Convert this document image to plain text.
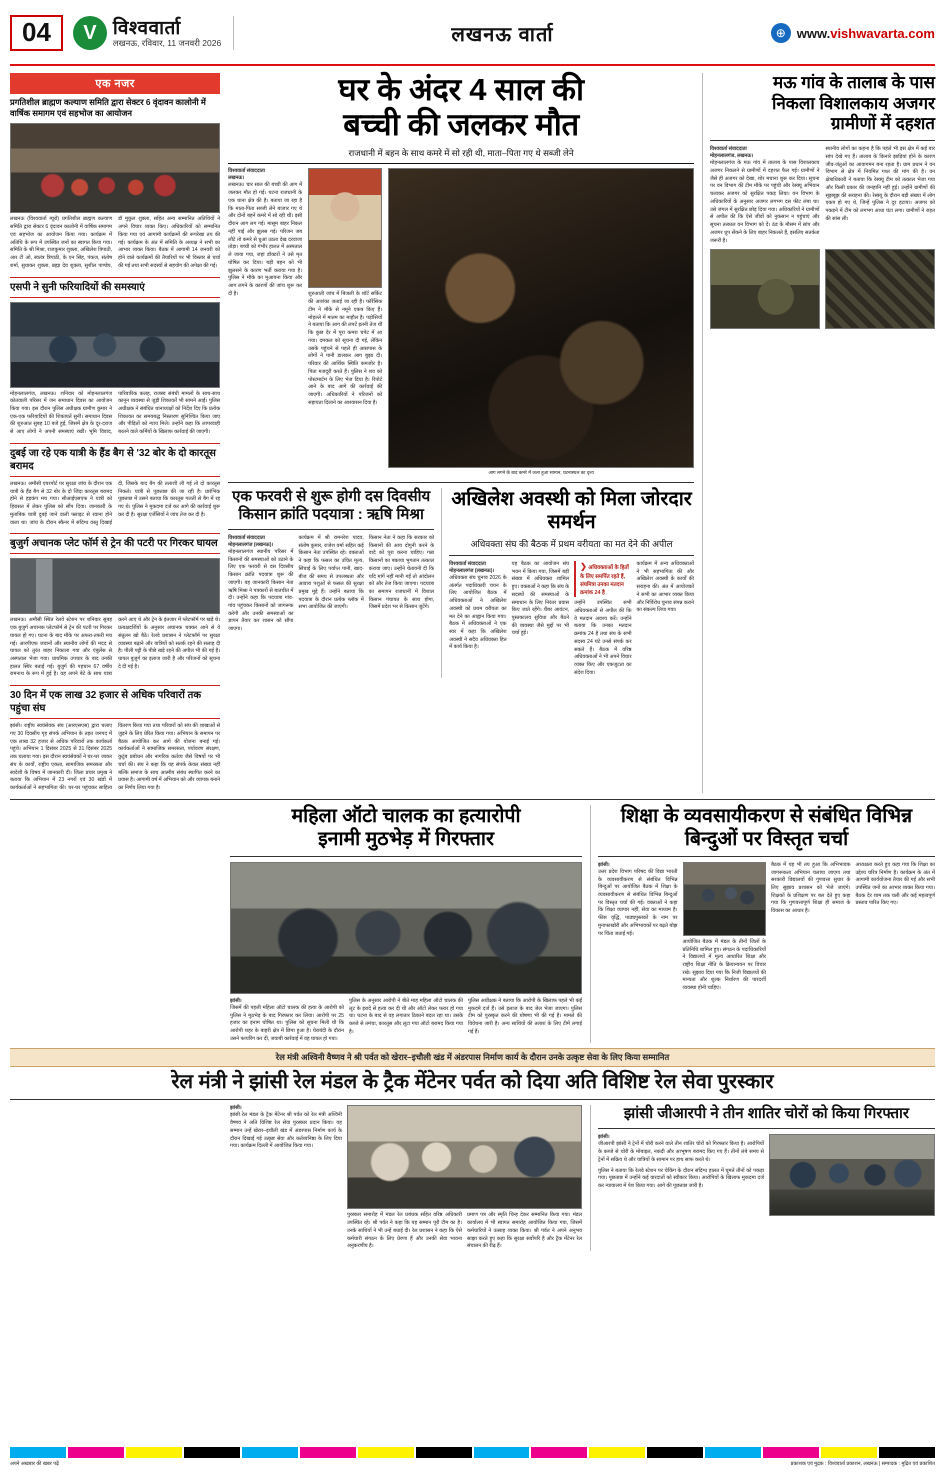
04	V विश्ववार्ता
लखनऊ, रविवार, 11 जनवरी 2026	लखनऊ वार्ता	⊕ www.vishwavarta.com
एक नजर
प्रगतिशील ब्राह्मण कल्याण समिति द्वारा सेक्टर 6 वृंदावन कालोनी में वार्षिक समागम एवं सहभोज का आयोजन
लखनऊ (विश्ववार्ता ब्यूरो) प्रगतिशील ब्राह्मण कल्याण समिति द्वारा सेक्टर 6 वृंदावन कालोनी में वार्षिक समागम एवं सहभोज का आयोजन किया गया। कार्यक्रम में अतिथि के रूप में उपस्थित जनों का स्वागत किया गया। समिति के श्री मिश्रा, राजकुमार शुक्ला, अखिलेश त्रिपाठी, आर टी ओ, स्वतंत्र त्रिपाठी, के एन सिंह, पंकज, संतोष शर्मा, सुधाकर शुक्ला, ब्रह्मा देव शुक्ला, सुशील पाण्डेय, डॉ मुकुल शुक्ला, सहित अन्य सम्मानित अतिथियों ने अपने विचार व्यक्त किए। अधिकारियों को सम्मानित किया गया एवं आगामी कार्यक्रमों की रूपरेखा तय की गई। कार्यक्रम के अंत में समिति के अध्यक्ष ने सभी का आभार व्यक्त किया। बैठक में आगामी 14 जनवरी को होने वाले कार्यक्रमों की तैयारियों पर भी विस्तार से चर्चा की गई तथा सभी सदस्यों से सहयोग की अपेक्षा की गई।
एसपी ने सुनी फरियादियों की समस्याएं
मोहनलालगंज, लखनऊ। शनिवार को मोहनलालगंज कोतवाली परिसर में जन समाधान दिवस का आयोजन किया गया। इस दौरान पुलिस अधीक्षक ग्रामीण कुमार ने एक-एक फरियादियों की शिकायतें सुनीं। समाधान दिवस की शुरुआत सुबह 10 बजे हुई, जिसमें क्षेत्र के दूर-दराज से आए लोगों ने अपनी समस्याएं रखीं। भूमि विवाद, पारिवारिक कलह, राजस्व संबंधी मामलों के साथ-साथ कानून व्यवस्था से जुड़ी शिकायतें भी सामने आईं। पुलिस अधीक्षक ने संबंधित थानाध्यक्षों को निर्देश दिए कि प्रत्येक शिकायत का समयबद्ध निस्तारण सुनिश्चित किया जाए और पीड़ितों को न्याय मिले। उन्होंने कहा कि लापरवाही बरतने वाले कर्मियों के खिलाफ कार्रवाई की जाएगी।
दुबई जा रहे एक यात्री के हैंड बैग से '32 बोर के दो कारतूस बरामद
लखनऊ। अमौसी एयरपोर्ट पर सुरक्षा जांच के दौरान एक यात्री के हैंड बैग से 32 बोर के दो जिंदा कारतूस बरामद होने से हड़कंप मच गया। सीआईएसएफ ने यात्री को हिरासत में लेकर पुलिस को सौंप दिया। जानकारी के मुताबिक यात्री दुबई जाने वाली फ्लाइट से रवाना होने वाला था। जांच के दौरान स्कैनर में संदिग्ध वस्तु दिखाई दी, जिसके बाद बैग की तलाशी ली गई तो दो कारतूस निकले। यात्री से पूछताछ की जा रही है। प्रारंभिक पूछताछ में उसने बताया कि कारतूस गलती से बैग में रह गए थे। पुलिस ने मुकदमा दर्ज कर आगे की कार्रवाई शुरू कर दी है। सुरक्षा एजेंसियों ने जांच तेज कर दी है।
बुजुर्ग अचानक प्लेट फॉर्म से ट्रेन की पटरी पर गिरकर घायल
लखनऊ। अमौसी स्थित रेलवे स्टेशन पर शनिवार सुबह एक बुजुर्ग अचानक प्लेटफॉर्म से ट्रेन की पटरी पर गिरकर घायल हो गए। घटना के बाद मौके पर अफरा-तफरी मच गई। आरपीएफ जवानों और स्थानीय लोगों की मदद से घायल को तुरंत बाहर निकाला गया और एंबुलेंस से अस्पताल भेजा गया। प्राथमिक उपचार के बाद उनकी हालत स्थिर बताई गई। बुजुर्ग की पहचान 67 वर्षीय रामनाथ के रूप में हुई है। वह अपने बेटे के साथ यात्रा करने आए थे और ट्रेन के इंतजार में प्लेटफॉर्म पर खड़े थे। प्रत्यक्षदर्शियों के अनुसार अचानक चक्कर आने से वे संतुलन खो बैठे। रेलवे प्रशासन ने प्लेटफॉर्म पर सुरक्षा व्यवस्था बढ़ाने और यात्रियों को सतर्क रहने की सलाह दी है। पीली पट्टी के पीछे खड़े रहने की अपील भी की गई है। घायल बुजुर्ग का इलाज जारी है और परिजनों को सूचना दे दी गई है।
30 दिन में एक लाख 32 हजार से अधिक परिवारों तक पहुंचा संघ
झांसी। राष्ट्रीय स्वयंसेवक संघ (आरएसएस) द्वारा चलाए गए 30 दिवसीय गृह संपर्क अभियान के तहत जनपद में एक लाख 32 हजार से अधिक परिवारों तक कार्यकर्ता पहुंचे। अभियान 1 दिसंबर 2025 से 31 दिसंबर 2025 तक चलाया गया। इस दौरान स्वयंसेवकों ने घर-घर जाकर संघ के कार्यों, राष्ट्रीय एकता, सामाजिक समरसता और स्वदेशी के विषय में जानकारी दी। जिला प्रचार प्रमुख ने बताया कि अभियान में 23 नगरों एवं 30 खंडों में कार्यकर्ताओं ने सहभागिता की। घर-घर पहुंचकर साहित्य वितरण किया गया तथा परिवारों को संघ की शाखाओं से जुड़ने के लिए प्रेरित किया गया। अभियान के समापन पर बैठक आयोजित कर आगे की योजना बनाई गई। कार्यकर्ताओं ने सामाजिक समरसता, पर्यावरण संरक्षण, कुटुंब प्रबोधन और नागरिक कर्तव्य जैसे विषयों पर भी चर्चा की। संघ ने कहा कि यह संपर्क केवल संख्या नहीं बल्कि समाज के साथ आत्मीय संबंध स्थापित करने का प्रयास है। आगामी वर्ष में अभियान को और व्यापक बनाने का निर्णय लिया गया है।
घर के अंदर 4 साल की
बच्ची की जलकर मौत
राजधानी में बहन के साथ कमरे में सो रही थी, माता–पिता गए थे सब्जी लेने
विश्ववार्ता संवाददाता
लखनऊ।
लखनऊ। चार साल की बच्ची की आग में जलकर मौत हो गई। घटना राजधानी के एक थाना क्षेत्र की है। बताया जा रहा है कि माता-पिता सब्जी लेने बाजार गए थे और दोनों बहनें कमरे में सो रही थीं। इसी दौरान आग लग गई। मासूम बाहर निकल नहीं पाई और झुलस गई। परिजन जब लौटे तो कमरे से धुआं उठता देख दरवाजा तोड़ा। बच्ची को गंभीर हालत में अस्पताल ले जाया गया, जहां डॉक्टरों ने उसे मृत घोषित कर दिया। बड़ी बहन को भी झुलसने के कारण भर्ती कराया गया है। पुलिस ने मौके का मुआयना किया और आग लगने के कारणों की जांच शुरू कर दी है।	शुरुआती जांच में बिजली के शॉर्ट सर्किट की आशंका जताई जा रही है। फॉरेंसिक टीम ने मौके से नमूने एकत्र किए हैं। मोहल्ले में मातम का माहौल है। पड़ोसियों ने बताया कि आग की लपटें इतनी तेज थीं कि कुछ देर में पूरा कमरा चपेट में आ गया। दमकल को सूचना दी गई, लेकिन उसके पहुंचने से पहले ही आसपास के लोगों ने पानी डालकर आग बुझा दी। परिवार की आर्थिक स्थिति कमजोर है। पिता मजदूरी करते हैं। पुलिस ने शव को पोस्टमार्टम के लिए भेज दिया है। रिपोर्ट आने के बाद आगे की कार्रवाई की जाएगी। अधिकारियों ने परिजनों को सहायता दिलाने का आश्वासन दिया है।
आग लगने के बाद कमरे में जला हुआ सामान, घटनास्थल का दृश्य
एक फरवरी से शुरू होगी दस दिवसीय
किसान क्रांति पदयात्रा : ऋषि मिश्रा
विश्ववार्ता संवाददाता
मोहनलालगंज (लखनऊ)।
मोहनलालगंज स्थानीय परिसर में किसानों की समस्याओं को उठाने के लिए एक फरवरी से दस दिवसीय किसान क्रांति पदयात्रा शुरू की जाएगी। यह जानकारी किसान नेता ऋषि मिश्रा ने पत्रकारों से बातचीत में दी। उन्होंने कहा कि पदयात्रा गांव-गांव पहुंचकर किसानों को जागरूक करेगी और उनकी समस्याओं का ज्ञापन तैयार कर शासन को सौंपा जाएगा।
कार्यक्रम में श्री रामनरेश यादव, संतोष कुमार, राजेश वर्मा सहित कई किसान नेता उपस्थित रहे। वक्ताओं ने कहा कि फसल का उचित मूल्य, सिंचाई के लिए पर्याप्त पानी, खाद-बीज की समय से उपलब्धता और आवारा पशुओं से फसल की सुरक्षा प्रमुख मुद्दे हैं। उन्होंने बताया कि पदयात्रा के दौरान प्रत्येक ब्लॉक में सभा आयोजित की जाएगी।
किसान नेता ने कहा कि सरकार को किसानों की आय दोगुनी करने के वादे को पूरा करना चाहिए। गन्ना किसानों का बकाया भुगतान तत्काल कराया जाए। उन्होंने चेतावनी दी कि यदि मांगें नहीं मानी गईं तो आंदोलन को और तेज किया जाएगा। पदयात्रा का समापन राजधानी में विशाल किसान पंचायत के साथ होगा, जिसमें प्रदेश भर से किसान जुटेंगे।
अखिलेश अवस्थी को मिला जोरदार समर्थन
अधिवक्ता संघ की बैठक में प्रथम वरीयता का मत देने की अपील
विश्ववार्ता संवाददाता
मोहनलालगंज (लखनऊ)।
अधिवक्ता संघ चुनाव 2026 के अंतर्गत पदाधिकारी चयन के लिए आयोजित बैठक में अधिवक्ताओं ने अखिलेश अवस्थी को प्रथम वरीयता का मत देने का आह्वान किया गया। बैठक में अधिवक्ताओं ने एक स्वर में कहा कि अखिलेश अवस्थी ने सदैव अधिवक्ता हित में कार्य किया है।
यह बैठक का आयोजन संघ भवन में किया गया, जिसमें बड़ी संख्या में अधिवक्ता शामिल हुए। वक्ताओं ने कहा कि संघ के सदस्यों की समस्याओं के समाधान के लिए निरंतर प्रयास किए जाते रहेंगे। चैंबर आवंटन, पुस्तकालय सुविधा और बैठने की व्यवस्था जैसे मुद्दों पर भी चर्चा हुई।
❯ अधिवक्ताओं के हितों के लिए समर्पित रहते हैं, संघमित्रा उनका मतदान क्रमांक 24 है
उन्होंने उपस्थित सभी अधिवक्ताओं से अपील की कि वे मतदान अवश्य करें। उन्होंने बताया कि उनका मतदान क्रमांक 24 है तथा संघ के सभी सदस्य 24 घंटे उनसे संपर्क कर सकते हैं। बैठक में वरिष्ठ अधिवक्ताओं ने भी अपने विचार व्यक्त किए और एकजुटता का संदेश दिया।
कार्यक्रम में अन्य अधिवक्ताओं ने भी सहभागिता की और अखिलेश अवस्थी के कार्यों की सराहना की। अंत में आयोजकों ने सभी का आभार व्यक्त किया और निर्विरोध चुनाव संपन्न कराने का संकल्प लिया गया।
मऊ गांव के तालाब के पास
निकला विशालकाय अजगर
ग्रामीणों में दहशत
विश्ववार्ता संवाददाता
मोहनलालगंज, लखनऊ।
मोहनलालगंज के मऊ गांव में तालाब के पास विशालकाय अजगर निकलने से ग्रामीणों में दहशत फैल गई। ग्रामीणों ने जैसे ही अजगर को देखा, शोर मचाना शुरू कर दिया। सूचना पर वन विभाग की टीम मौके पर पहुंची और रेस्क्यू अभियान चलाकर अजगर को सुरक्षित पकड़ लिया। वन विभाग के अधिकारियों के अनुसार अजगर लगभग दस फीट लंबा था। उसे जंगल में सुरक्षित छोड़ दिया गया। अधिकारियों ने ग्रामीणों से अपील की कि ऐसे जीवों को नुकसान न पहुंचाएं और सूचना तत्काल वन विभाग को दें। ठंड के मौसम में सांप और अजगर धूप सेंकने के लिए बाहर निकलते हैं, इसलिए सतर्कता जरूरी है।
स्थानीय लोगों का कहना है कि पहले भी इस क्षेत्र में कई बार सांप देखे गए हैं। तालाब के किनारे झाड़ियां होने के कारण जीव-जंतुओं का आवागमन बना रहता है। ग्राम प्रधान ने वन विभाग से क्षेत्र में नियमित गश्त की मांग की है। वन क्षेत्राधिकारी ने बताया कि रेस्क्यू टीम को तत्काल भेजा गया और किसी प्रकार की जनहानि नहीं हुई। उन्होंने ग्रामीणों की सूझबूझ की सराहना की। रेस्क्यू के दौरान बड़ी संख्या में लोग एकत्र हो गए थे, जिन्हें पुलिस ने दूर हटाया। अजगर को पकड़ने में टीम को लगभग आधा घंटा लगा। ग्रामीणों ने राहत की सांस ली।
महिला ऑटो चालक का हत्यारोपी
इनामी मुठभेड़ में गिरफ्तार
झांसी।
जिसमें की पहली महिला ऑटो चालक की हत्या के आरोपी को पुलिस ने मुठभेड़ के बाद गिरफ्तार कर लिया। आरोपी पर 25 हजार का इनाम घोषित था। पुलिस को सूचना मिली थी कि आरोपी शहर के बाहरी क्षेत्र में छिपा हुआ है। घेराबंदी के दौरान उसने फायरिंग कर दी, जवाबी कार्रवाई में वह घायल हो गया।
पुलिस के अनुसार आरोपी ने बीते माह महिला ऑटो चालक की लूट के इरादे से हत्या कर दी थी और ऑटो लेकर फरार हो गया था। घटना के बाद से वह लगातार ठिकाने बदल रहा था। उसके कब्जे से तमंचा, कारतूस और लूटा गया ऑटो बरामद किया गया है।
पुलिस अधीक्षक ने बताया कि आरोपी के खिलाफ पहले भी कई मुकदमे दर्ज हैं। उसे इलाज के बाद जेल भेजा जाएगा। पुलिस टीम को पुरस्कृत करने की घोषणा भी की गई है। मामले की विवेचना जारी है। अन्य साथियों की तलाश के लिए टीमें लगाई गई हैं।
शिक्षा के व्यवसायीकरण से संबंधित विभिन्न
बिन्दुओं पर विस्तृत चर्चा
झांसी।
उत्तर प्रदेश विभाग परिषद की विद्या भारती के व्यवसायीकरण से संबंधित विभिन्न बिन्दुओं पर आयोजित बैठक में शिक्षा के व्यवसायीकरण से संबंधित विभिन्न बिन्दुओं पर विस्तृत चर्चा की गई। वक्ताओं ने कहा कि शिक्षा व्यापार नहीं, सेवा का माध्यम है। फीस वृद्धि, पाठ्यपुस्तकों के नाम पर मुनाफाखोरी और अभिभावकों पर बढ़ते बोझ पर चिंता जताई गई।
आयोजित बैठक में मंडल के तीनों जिलों के प्रतिनिधि शामिल हुए। संगठन के पदाधिकारियों ने विद्यालयों में मूल्य आधारित शिक्षा और राष्ट्रीय शिक्षा नीति के क्रियान्वयन पर विचार रखे। सुझाव दिया गया कि निजी विद्यालयों की मान्यता और शुल्क निर्धारण की पारदर्शी व्यवस्था होनी चाहिए।
बैठक में यह भी तय हुआ कि अभिभावक जागरूकता अभियान चलाया जाएगा तथा सरकारी विद्यालयों की गुणवत्ता सुधार के लिए सुझाव प्रशासन को भेजे जाएंगे। शिक्षकों के प्रशिक्षण पर बल देते हुए कहा गया कि गुणवत्तापूर्ण शिक्षा ही समाज के विकास का आधार है।
अध्यक्षता करते हुए कहा गया कि शिक्षा का उद्देश्य चरित्र निर्माण है। कार्यक्रम के अंत में आगामी कार्ययोजना तैयार की गई और सभी उपस्थित जनों का आभार व्यक्त किया गया। बैठक देर शाम तक चली और कई महत्वपूर्ण प्रस्ताव पारित किए गए।
रेल मंत्री अश्विनी वैष्णव ने श्री पर्वत को खेरार–इचौली खंड में अंडरपास निर्माण कार्य के दौरान उनके उत्कृष्ट सेवा के लिए किया सम्मानित
रेल मंत्री ने झांसी रेल मंडल के ट्रैक मेंटेनर पर्वत को दिया अति विशिष्ट रेल सेवा पुरस्कार
झांसी।
झांसी रेल मंडल के ट्रैक मेंटेनर श्री पर्वत को रेल मंत्री अश्विनी वैष्णव ने अति विशिष्ट रेल सेवा पुरस्कार प्रदान किया। यह सम्मान उन्हें खेरार–इचौली खंड में अंडरपास निर्माण कार्य के दौरान दिखाई गई उत्कृष्ट सेवा और कर्तव्यनिष्ठा के लिए दिया गया। कार्यक्रम दिल्ली में आयोजित किया गया।
पुरस्कार समारोह में मंडल रेल प्रबंधक सहित वरिष्ठ अधिकारी उपस्थित रहे। श्री पर्वत ने कहा कि यह सम्मान पूरी टीम का है। उनके साथियों ने भी उन्हें बधाई दी। रेल प्रशासन ने कहा कि ऐसे कर्मचारी संगठन के लिए प्रेरणा हैं और उनकी सेवा भावना अनुकरणीय है।
प्रमाण पत्र और स्मृति चिन्ह देकर सम्मानित किया गया। मंडल कार्यालय में भी स्वागत समारोह आयोजित किया गया, जिसमें कर्मचारियों ने उत्साह व्यक्त किया। श्री पर्वत ने अपने अनुभव साझा करते हुए कहा कि सुरक्षा सर्वोपरि है और ट्रैक मेंटेनर रेल संचालन की रीढ़ हैं।
झांसी जीआरपी ने तीन शातिर चोरों को किया गिरफ्तार
झांसी।
जीआरपी झांसी ने ट्रेनों में चोरी करने वाले तीन शातिर चोरों को गिरफ्तार किया है। आरोपियों के कब्जे से चोरी के मोबाइल, नकदी और आभूषण बरामद किए गए हैं। तीनों लंबे समय से ट्रेनों में सक्रिय थे और यात्रियों के सामान पर हाथ साफ करते थे।
पुलिस ने बताया कि रेलवे स्टेशन पर चेकिंग के दौरान संदिग्ध हालत में घूमते तीनों को पकड़ा गया। पूछताछ में उन्होंने कई वारदातों को स्वीकार किया। आरोपियों के खिलाफ मुकदमा दर्ज कर न्यायालय में पेश किया गया। आगे की पूछताछ जारी है।
अपने अखबार की खबर पढ़ें	प्रकाशक एवं मुद्रक : विश्ववार्ता प्रकाशन, लखनऊ | सम्पादक : मुद्रित एवं प्रकाशित
